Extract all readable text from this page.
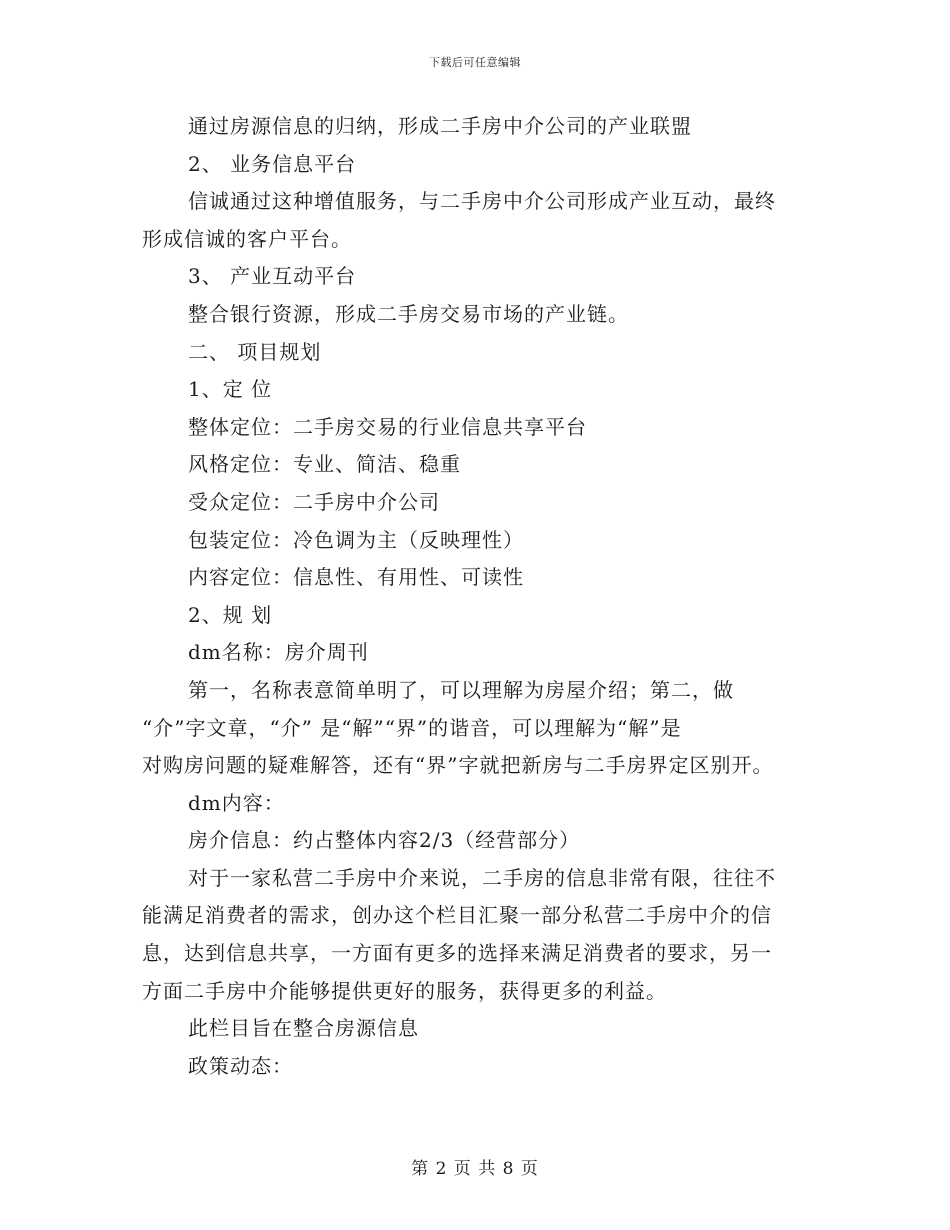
下载后可任意编辑
通过房源信息的归纳，形成二手房中介公司的产业联盟
2、 业务信息平台
信诚通过这种增值服务，与二手房中介公司形成产业互动，最终
形成信诚的客户平台。
3、 产业互动平台
整合银行资源，形成二手房交易市场的产业链。
二、 项目规划
1、定 位
整体定位：二手房交易的行业信息共享平台
风格定位：专业、简洁、稳重
受众定位：二手房中介公司
包装定位：冷色调为主（反映理性）
内容定位：信息性、有用性、可读性
2、规 划
dm名称：房介周刊
第一，名称表意简单明了，可以理解为房屋介绍；第二，做
“介”字文章，“介” 是“解”“界”的谐音，可以理解为“解”是
对购房问题的疑难解答，还有“界”字就把新房与二手房界定区别开。
dm内容：
房介信息：约占整体内容2/3（经营部分）
对于一家私营二手房中介来说，二手房的信息非常有限，往往不
能满足消费者的需求，创办这个栏目汇聚一部分私营二手房中介的信
息，达到信息共享，一方面有更多的选择来满足消费者的要求，另一
方面二手房中介能够提供更好的服务，获得更多的利益。
此栏目旨在整合房源信息
政策动态：
第 2 页 共 8 页
